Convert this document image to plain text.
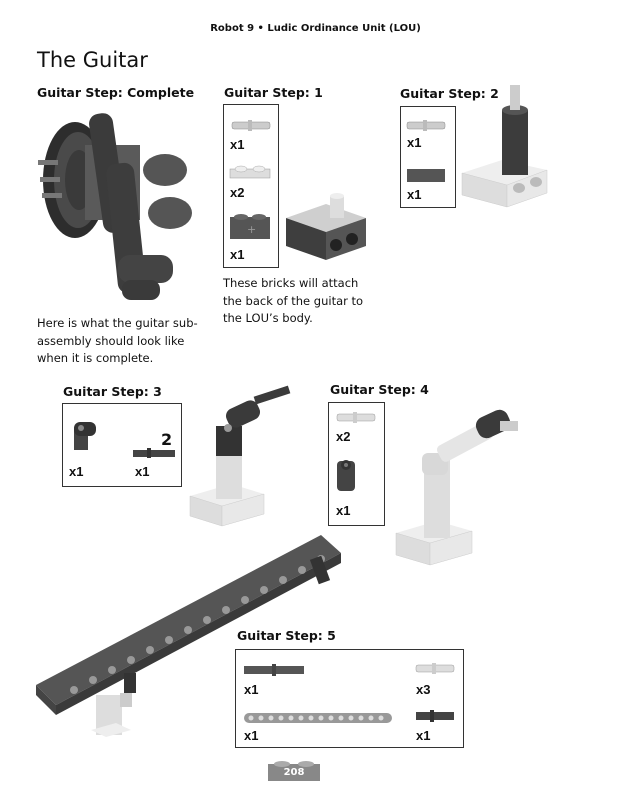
Robot 9 • Ludic Ordinance Unit (LOU)
The Guitar
Guitar Step: Complete
Here is what the guitar sub-
assembly should look like
when it is complete.
Guitar Step: 1
x1
x2
+
x1
These bricks will attach
the back of the guitar to
the LOU’s body.
Guitar Step: 2
x1
x1
Guitar Step: 3
x1
2
x1
Guitar Step: 4
x2
x1
Guitar Step: 5
x1	x3
x1	x1
208
